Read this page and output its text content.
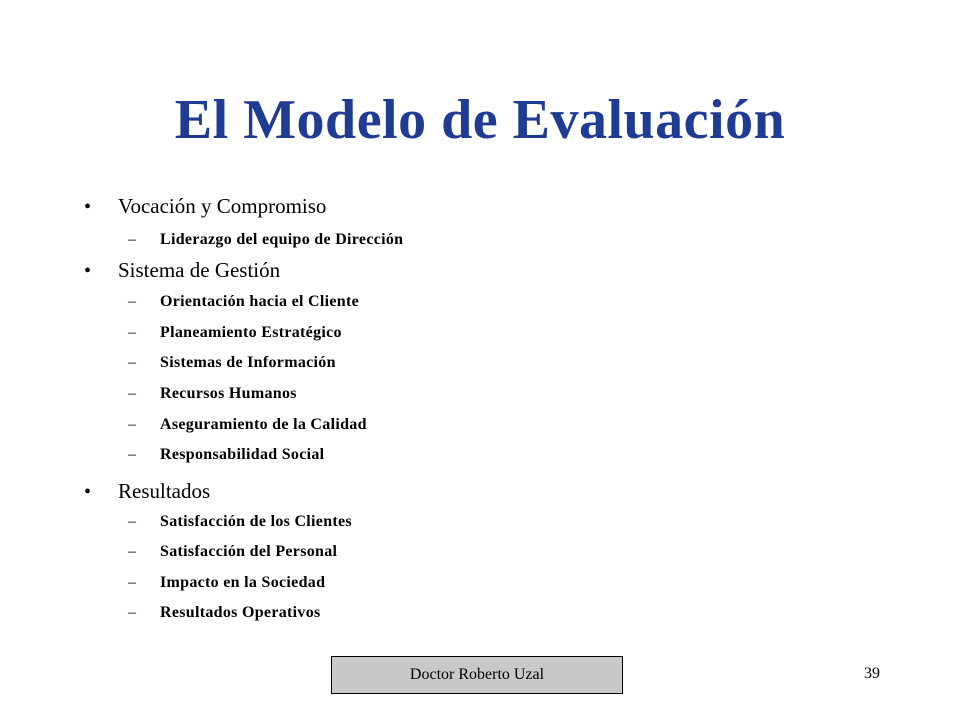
El Modelo de Evaluación
• Vocación y Compromiso
– Liderazgo del equipo de Dirección
• Sistema de Gestión
– Orientación hacia el Cliente
– Planeamiento Estratégico
– Sistemas de Información
– Recursos Humanos
– Aseguramiento de la Calidad
– Responsabilidad Social
• Resultados
– Satisfacción de los Clientes
– Satisfacción del Personal
– Impacto en la Sociedad
– Resultados Operativos
Doctor Roberto Uzal	39
